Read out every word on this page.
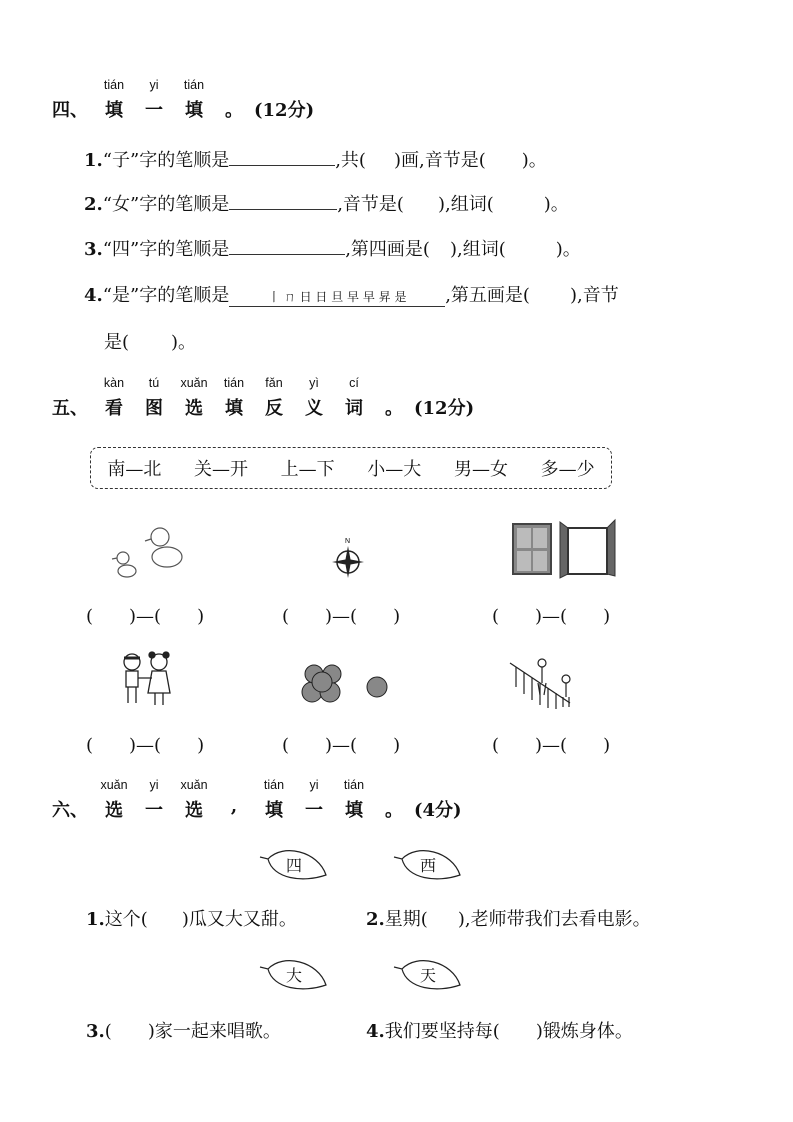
四、
tián
填
yi
一
tián
填 。 (12分)
1. “子”字的笔顺是	,共( )画,音节是( )。
2. “女”字的笔顺是	,音节是( ),组词(	)。
3. “四”字的笔顺是	,第四画是( ),组词(	)。
4. “是”字的笔顺是	丨 ㄇ 日 日 旦 早 早 昇 是	,第五画是( ),音节
是( )。
五、
kàn
看
tú
图
xuǎn
选
tián
填
fǎn
反
yì
义
cí
词 。 (12分)
南—北 关—开 上—下 小—大 男—女 多—少
N
(　　)—(　　)	(　　)—(　　)	(　　)—(　　)
(　　)—(　　)	(　　)—(　　)	(　　)—(　　)
六、
xuǎn
选
yi
一
xuǎn
选 ,
tián
填
yi
一
tián
填 。 (4分)
四	西
1. 这个( )瓜又大又甜。	2. 星期( ),老师带我们去看电影。
大	天
3. ( )家一起来唱歌。	4. 我们要坚持每( )锻炼身体。
